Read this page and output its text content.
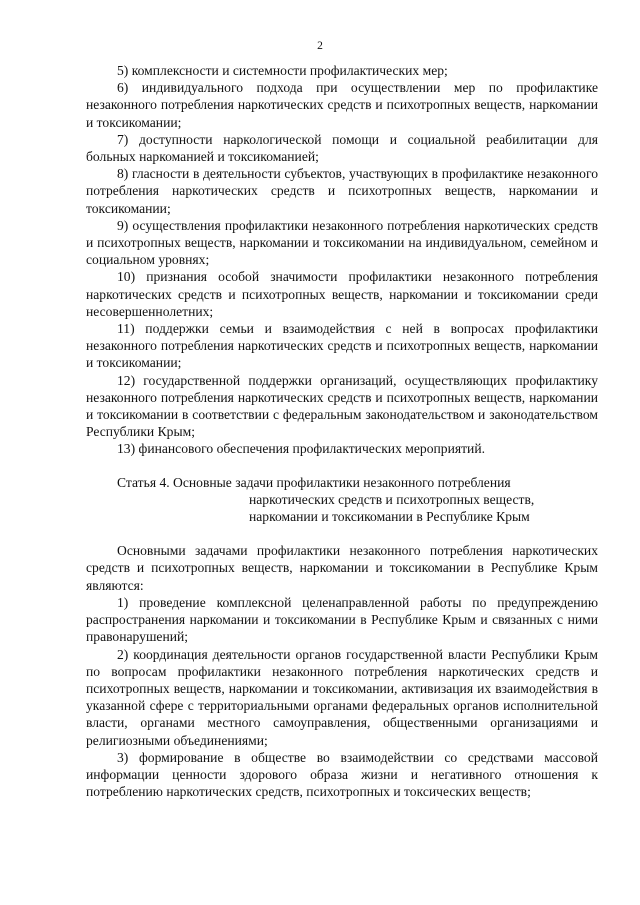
2
5) комплексности и системности профилактических мер;
6) индивидуального подхода при осуществлении мер по профилактике незаконного потребления наркотических средств и психотропных веществ, наркомании и токсикомании;
7) доступности наркологической помощи и социальной реабилитации для больных наркоманией и токсикоманией;
8) гласности в деятельности субъектов, участвующих в профилактике незаконного потребления наркотических средств и психотропных веществ, наркомании и токсикомании;
9) осуществления профилактики незаконного потребления наркотических средств и психотропных веществ, наркомании и токсикомании на индивидуальном, семейном и социальном уровнях;
10) признания особой значимости профилактики незаконного потребления наркотических средств и психотропных веществ, наркомании и токсикомании среди несовершеннолетних;
11) поддержки семьи и взаимодействия с ней в вопросах профилактики незаконного потребления наркотических средств и психотропных веществ, наркомании и токсикомании;
12) государственной поддержки организаций, осуществляющих профилактику незаконного потребления наркотических средств и психотропных веществ, наркомании и токсикомании в соответствии с федеральным законодательством и законодательством Республики Крым;
13) финансового обеспечения профилактических мероприятий.
Статья 4. Основные задачи профилактики незаконного потребления наркотических средств и психотропных веществ, наркомании и токсикомании в Республике Крым
Основными задачами профилактики незаконного потребления наркотических средств и психотропных веществ, наркомании и токсикомании в Республике Крым являются:
1) проведение комплексной целенаправленной работы по предупреждению распространения наркомании и токсикомании в Республике Крым и связанных с ними правонарушений;
2) координация деятельности органов государственной власти Республики Крым по вопросам профилактики незаконного потребления наркотических средств и психотропных веществ, наркомании и токсикомании, активизация их взаимодействия в указанной сфере с территориальными органами федеральных органов исполнительной власти, органами местного самоуправления, общественными организациями и религиозными объединениями;
3) формирование в обществе во взаимодействии со средствами массовой информации ценности здорового образа жизни и негативного отношения к потреблению наркотических средств, психотропных и токсических веществ;
